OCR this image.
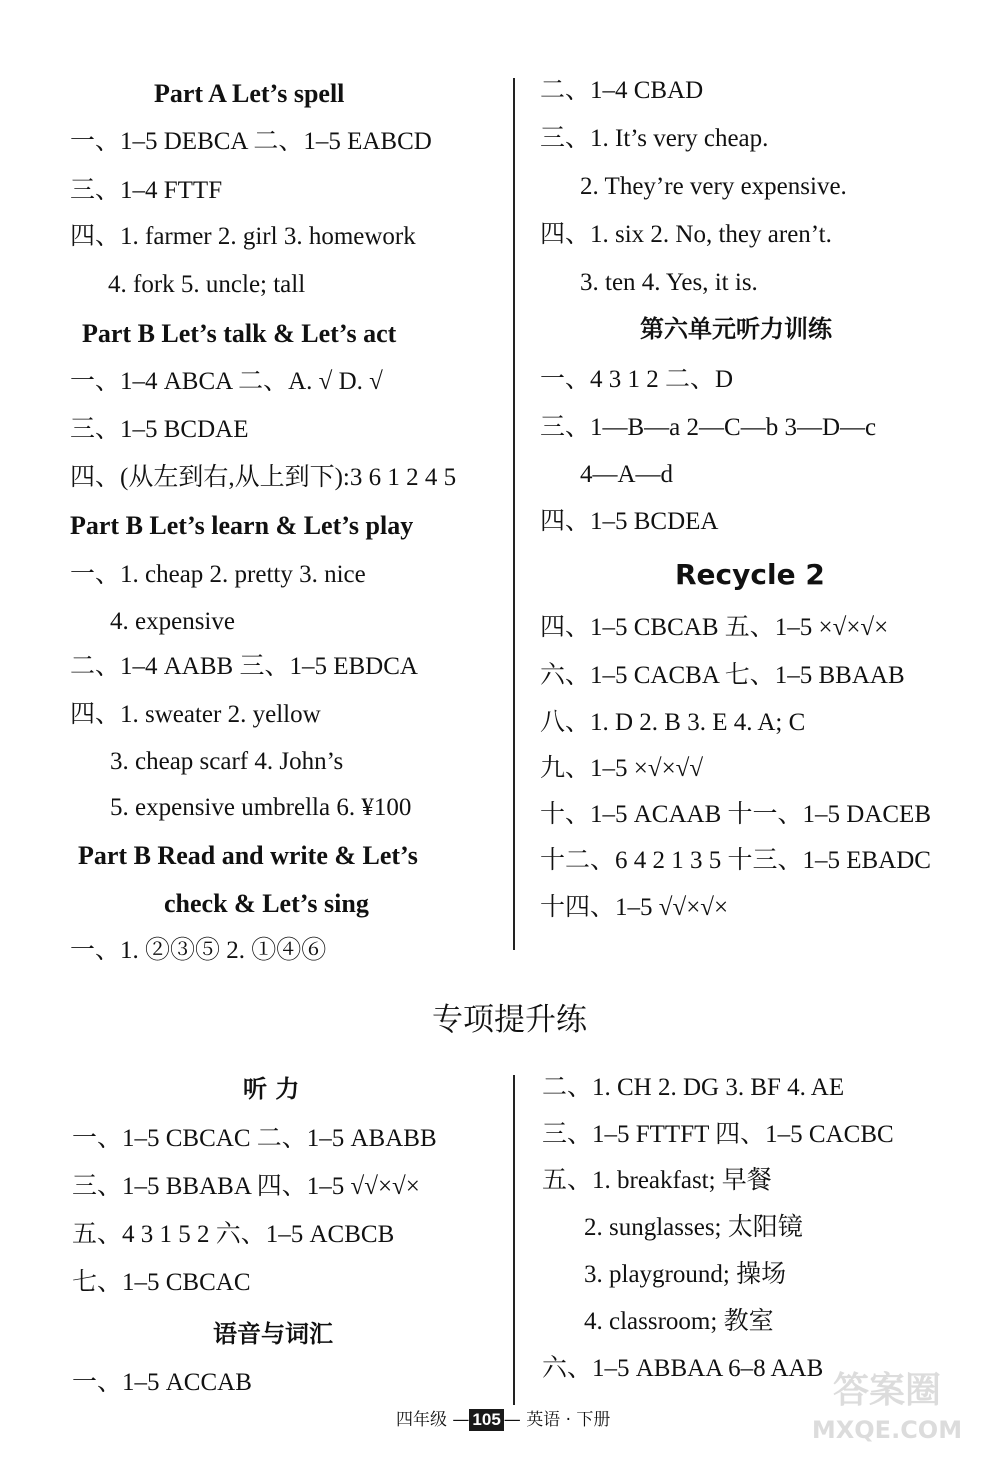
Part A Let’s spell
一、1–5 DEBCA 二、1–5 EABCD
三、1–4 FTTF
四、1. farmer 2. girl 3. homework
4. fork 5. uncle; tall
Part B Let’s talk & Let’s act
一、1–4 ABCA 二、A. √ D. √
三、1–5 BCDAE
四、(从左到右,从上到下):3 6 1 2 4 5
Part B Let’s learn & Let’s play
一、1. cheap 2. pretty 3. nice
4. expensive
二、1–4 AABB 三、1–5 EBDCA
四、1. sweater 2. yellow
3. cheap scarf 4. John’s
5. expensive umbrella 6. ¥100
Part B Read and write & Let’s
check & Let’s sing
一、1. ②③⑤ 2. ①④⑥
二、1–4 CBAD
三、1. It’s very cheap.
2. They’re very expensive.
四、1. six 2. No, they aren’t.
3. ten 4. Yes, it is.
第六单元听力训练
一、4 3 1 2 二、D
三、1—B—a 2—C—b 3—D—c
4—A—d
四、1–5 BCDEA
Recycle 2
四、1–5 CBCAB 五、1–5 ×√×√×
六、1–5 CACBA 七、1–5 BBAAB
八、1. D 2. B 3. E 4. A; C
九、1–5 ×√×√√
十、1–5 ACAAB 十一、1–5 DACEB
十二、6 4 2 1 3 5 十三、1–5 EBADC
十四、1–5 √√×√×
专项提升练
听 力
一、1–5 CBCAC 二、1–5 ABABB
三、1–5 BBABA 四、1–5 √√×√×
五、4 3 1 5 2 六、1–5 ACBCB
七、1–5 CBCAC
语音与词汇
一、1–5 ACCAB
二、1. CH 2. DG 3. BF 4. AE
三、1–5 FTTFT 四、1–5 CACBC
五、1. breakfast; 早餐
2. sunglasses; 太阳镜
3. playground; 操场
4. classroom; 教室
六、1–5 ABBAA 6–8 AAB
四年级 — 105 — 英语 · 下册
答案圈
MXQE.COM
